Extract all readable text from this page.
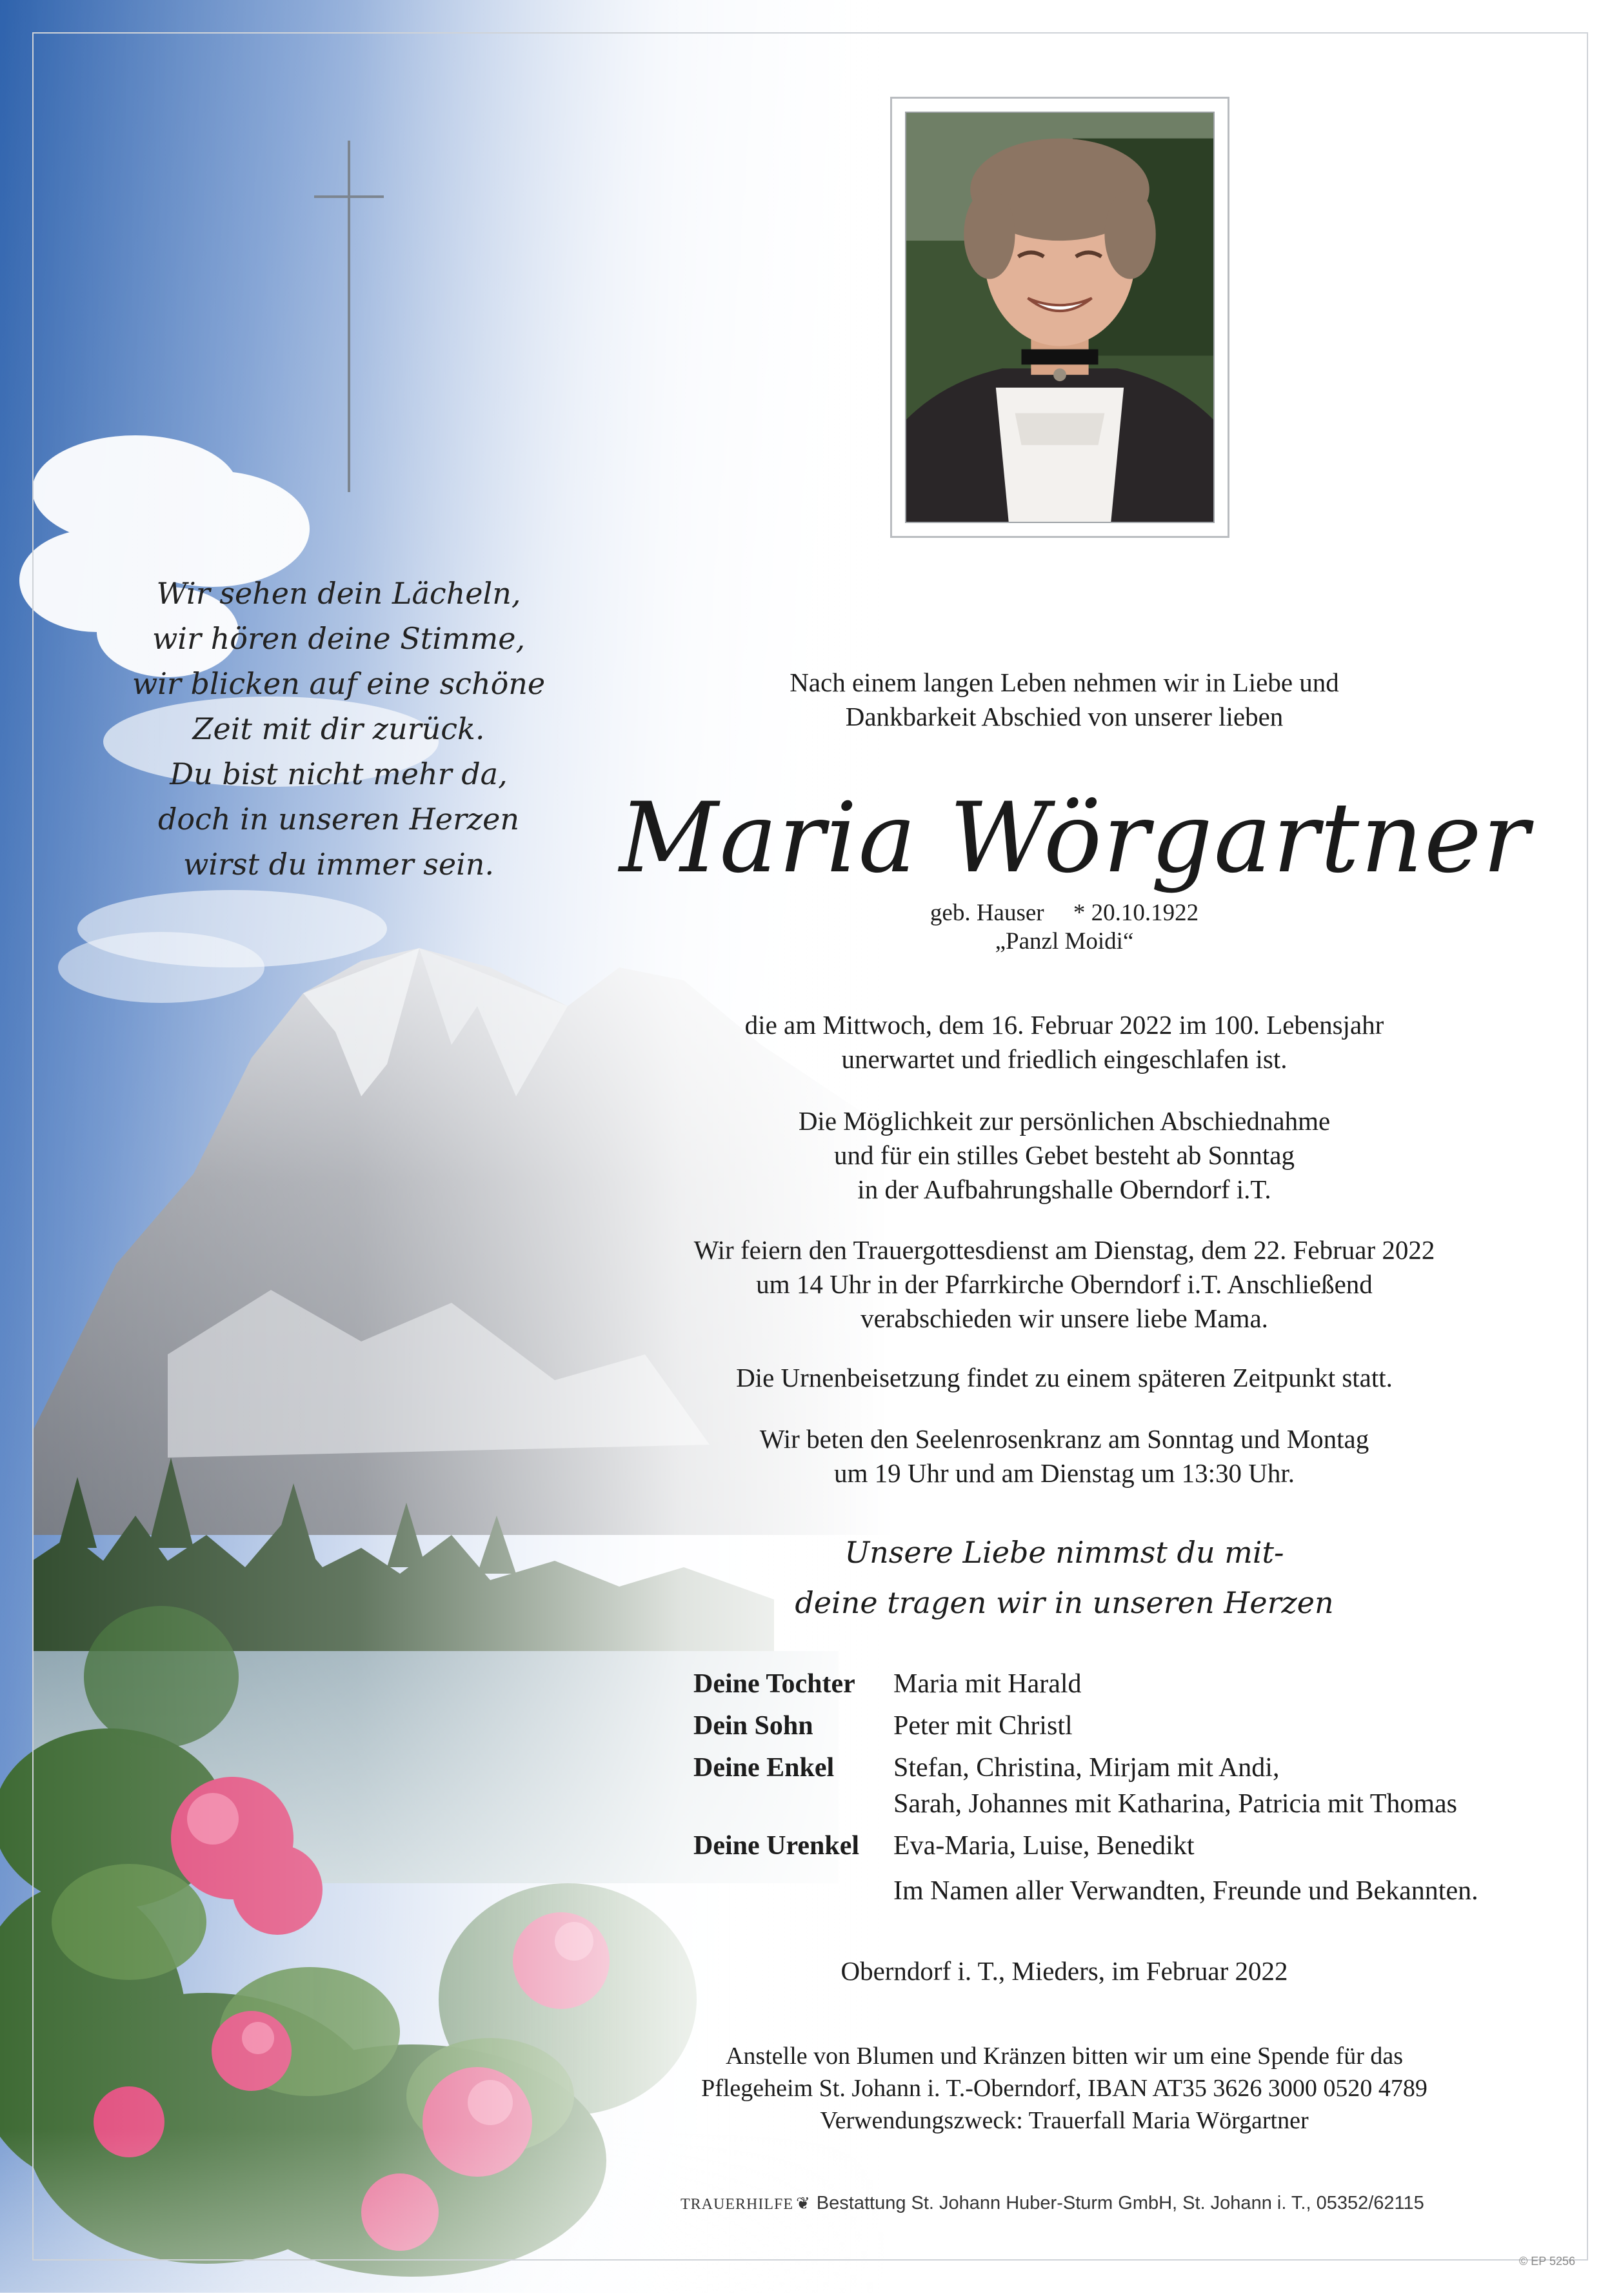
Wir sehen dein Lächeln,
wir hören deine Stimme,
wir blicken auf eine schöne
Zeit mit dir zurück.
Du bist nicht mehr da,
doch in unseren Herzen
wirst du immer sein.
Nach einem langen Leben nehmen wir in Liebe und
Dankbarkeit Abschied von unserer lieben
Maria Wörgartner
geb. Hauser * 20.10.1922
„Panzl Moidi“
die am Mittwoch, dem 16. Februar 2022 im 100. Lebensjahr
unerwartet und friedlich eingeschlafen ist.
Die Möglichkeit zur persönlichen Abschiednahme
und für ein stilles Gebet besteht ab Sonntag
in der Aufbahrungshalle Oberndorf i.T.
Wir feiern den Trauergottesdienst am Dienstag, dem 22. Februar 2022
um 14 Uhr in der Pfarrkirche Oberndorf i.T. Anschließend
verabschieden wir unsere liebe Mama.
Die Urnenbeisetzung findet zu einem späteren Zeitpunkt statt.
Wir beten den Seelenrosenkranz am Sonntag und Montag
um 19 Uhr und am Dienstag um 13:30 Uhr.
Unsere Liebe nimmst du mit-
deine tragen wir in unseren Herzen
Deine Tochter	Maria mit Harald
Dein Sohn	Peter mit Christl
Deine Enkel	Stefan, Christina, Mirjam mit Andi,
Sarah, Johannes mit Katharina, Patricia mit Thomas
Deine Urenkel	Eva-Maria, Luise, Benedikt
Im Namen aller Verwandten, Freunde und Bekannten.
Oberndorf i. T., Mieders, im Februar 2022
Anstelle von Blumen und Kränzen bitten wir um eine Spende für das
Pflegeheim St. Johann i. T.-Oberndorf, IBAN AT35 3626 3000 0520 4789
Verwendungszweck: Trauerfall Maria Wörgartner
TRAUERHILFE ❦ Bestattung St. Johann Huber-Sturm GmbH, St. Johann i. T., 05352/62115
© EP 5256
